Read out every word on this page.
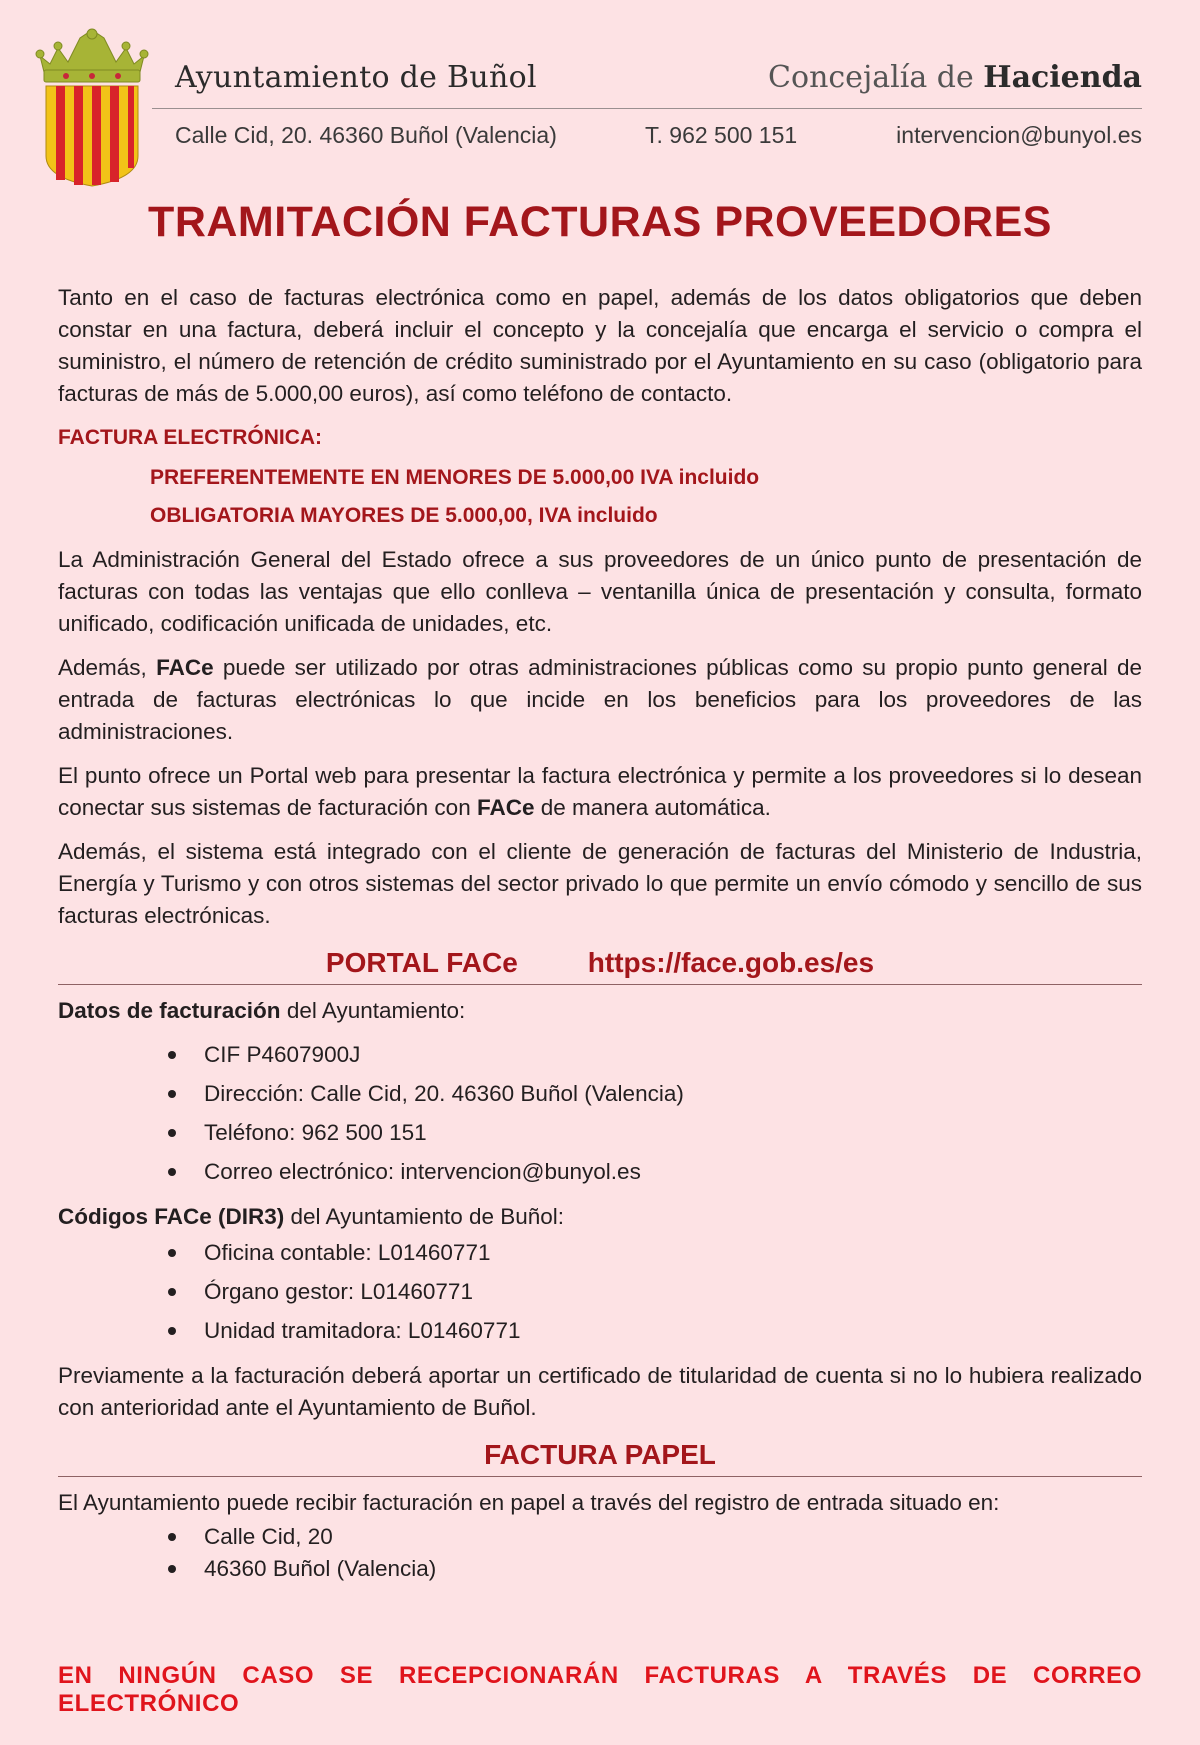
Ayuntamiento de Buñol	Concejalía de Hacienda
Calle Cid, 20. 46360 Buñol (Valencia)	T. 962 500 151	intervencion@bunyol.es
TRAMITACIÓN FACTURAS PROVEEDORES

Tanto en el caso de facturas electrónica como en papel, además de los datos obligatorios que deben constar en una factura, deberá incluir el concepto y la concejalía que encarga el servicio o compra el suministro, el número de retención de crédito suministrado por el Ayuntamiento en su caso (obligatorio para facturas de más de 5.000,00 euros), así como teléfono de contacto.

FACTURA ELECTRÓNICA:
PREFERENTEMENTE EN MENORES DE 5.000,00 IVA incluido
OBLIGATORIA MAYORES DE 5.000,00, IVA incluido

La Administración General del Estado ofrece a sus proveedores de un único punto de presentación de facturas con todas las ventajas que ello conlleva – ventanilla única de presentación y consulta, formato unificado, codificación unificada de unidades, etc.

Además, FACe puede ser utilizado por otras administraciones públicas como su propio punto general de entrada de facturas electrónicas lo que incide en los beneficios para los proveedores de las administraciones.

El punto ofrece un Portal web para presentar la factura electrónica y permite a los proveedores si lo desean conectar sus sistemas de facturación con FACe de manera automática.

Además, el sistema está integrado con el cliente de generación de facturas del Ministerio de Industria, Energía y Turismo y con otros sistemas del sector privado lo que permite un envío cómodo y sencillo de sus facturas electrónicas.

PORTAL FACe	https://face.gob.es/es

Datos de facturación del Ayuntamiento:

CIF P4607900J
Dirección: Calle Cid, 20. 46360 Buñol (Valencia)
Teléfono: 962 500 151
Correo electrónico: intervencion@bunyol.es

Códigos FACe (DIR3) del Ayuntamiento de Buñol:

Oficina contable: L01460771
Órgano gestor: L01460771
Unidad tramitadora: L01460771

Previamente a la facturación deberá aportar un certificado de titularidad de cuenta si no lo hubiera realizado con anterioridad ante el Ayuntamiento de Buñol.

FACTURA PAPEL

El Ayuntamiento puede recibir facturación en papel a través del registro de entrada situado en:

Calle Cid, 20
46360 Buñol (Valencia)
EN NINGÚN CASO SE RECEPCIONARÁN FACTURAS A TRAVÉS DE CORREO ELECTRÓNICO
